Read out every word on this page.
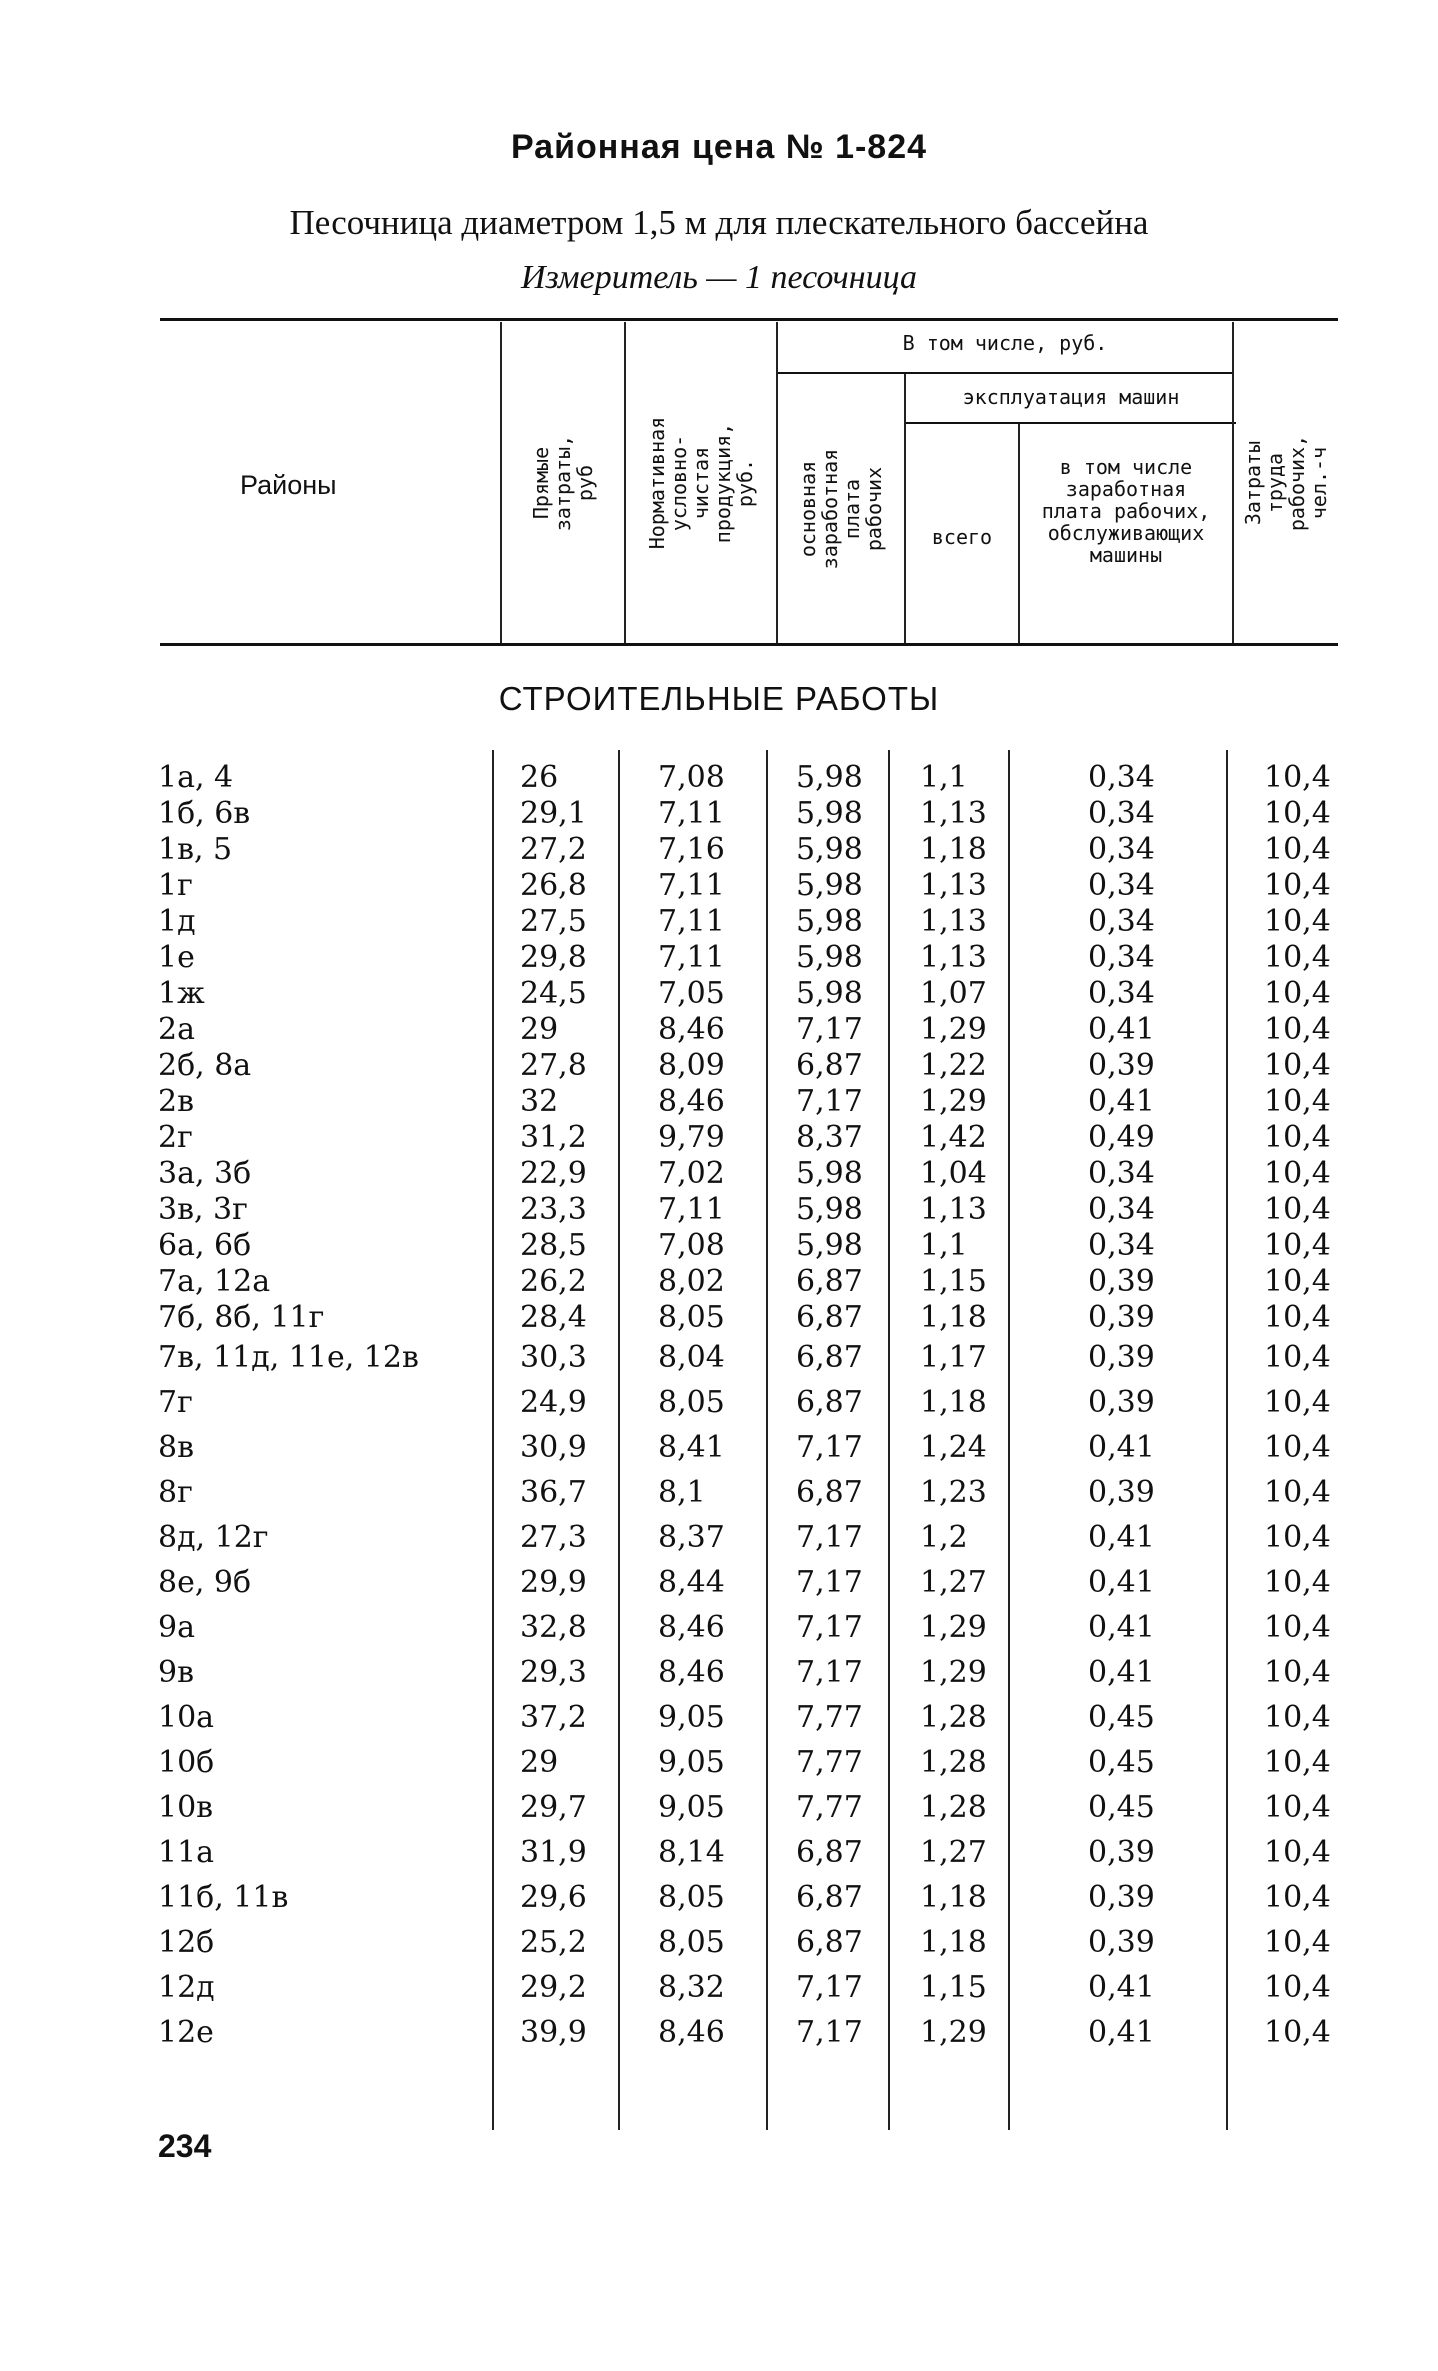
Районная цена № 1-824
Песочница диаметром 1,5 м для плескательного бассейна
Измеритель — 1 песочница
Районы	Прямые затраты, руб Нормативная условно-чистая продукция, руб.
В том числе, руб.
основная заработная плата рабочих
эксплуатация машин
всего
в том числе заработная плата рабочих, обслуживающих машины
Затраты труда рабочих, чел.-ч
СТРОИТЕЛЬНЫЕ РАБОТЫ
1а, 4	26	7,08 5,98 1,1	0,34	10,4
1б, 6в	29,1 7,11 5,98 1,13	0,34	10,4
1в, 5	27,2 7,16 5,98 1,18	0,34	10,4
1г	26,8 7,11 5,98 1,13	0,34	10,4
1д	27,5 7,11 5,98 1,13	0,34	10,4
1е	29,8 7,11 5,98 1,13	0,34	10,4
1ж	24,5 7,05 5,98 1,07	0,34	10,4
2а	29	8,46 7,17 1,29	0,41	10,4
2б, 8а	27,8 8,09 6,87 1,22	0,39	10,4
2в	32	8,46 7,17 1,29	0,41	10,4
2г	31,2 9,79 8,37 1,42	0,49	10,4
3а, 3б	22,9 7,02 5,98 1,04	0,34	10,4
3в, 3г	23,3 7,11 5,98 1,13	0,34	10,4
6а, 6б	28,5 7,08 5,98 1,1	0,34	10,4
7а, 12а	26,2 8,02 6,87 1,15	0,39	10,4
7б, 8б, 11г	28,4 8,05 6,87 1,18	0,39	10,4
7в, 11д, 11е, 12в	30,3 8,04 6,87 1,17	0,39	10,4
7г	24,9 8,05 6,87 1,18	0,39	10,4
8в	30,9 8,41 7,17 1,24	0,41	10,4
8г	36,7 8,1	6,87 1,23	0,39	10,4
8д, 12г	27,3 8,37 7,17 1,2	0,41	10,4
8е, 9б	29,9 8,44 7,17 1,27	0,41	10,4
9а	32,8 8,46 7,17 1,29	0,41	10,4
9в	29,3 8,46 7,17 1,29	0,41	10,4
10а	37,2 9,05 7,77 1,28	0,45	10,4
10б	29	9,05 7,77 1,28	0,45	10,4
10в	29,7 9,05 7,77 1,28	0,45	10,4
11а	31,9 8,14 6,87 1,27	0,39	10,4
11б, 11в	29,6 8,05 6,87 1,18	0,39	10,4
12б	25,2 8,05 6,87 1,18	0,39	10,4
12д	29,2 8,32 7,17 1,15	0,41	10,4
12е	39,9 8,46 7,17 1,29	0,41	10,4
234
